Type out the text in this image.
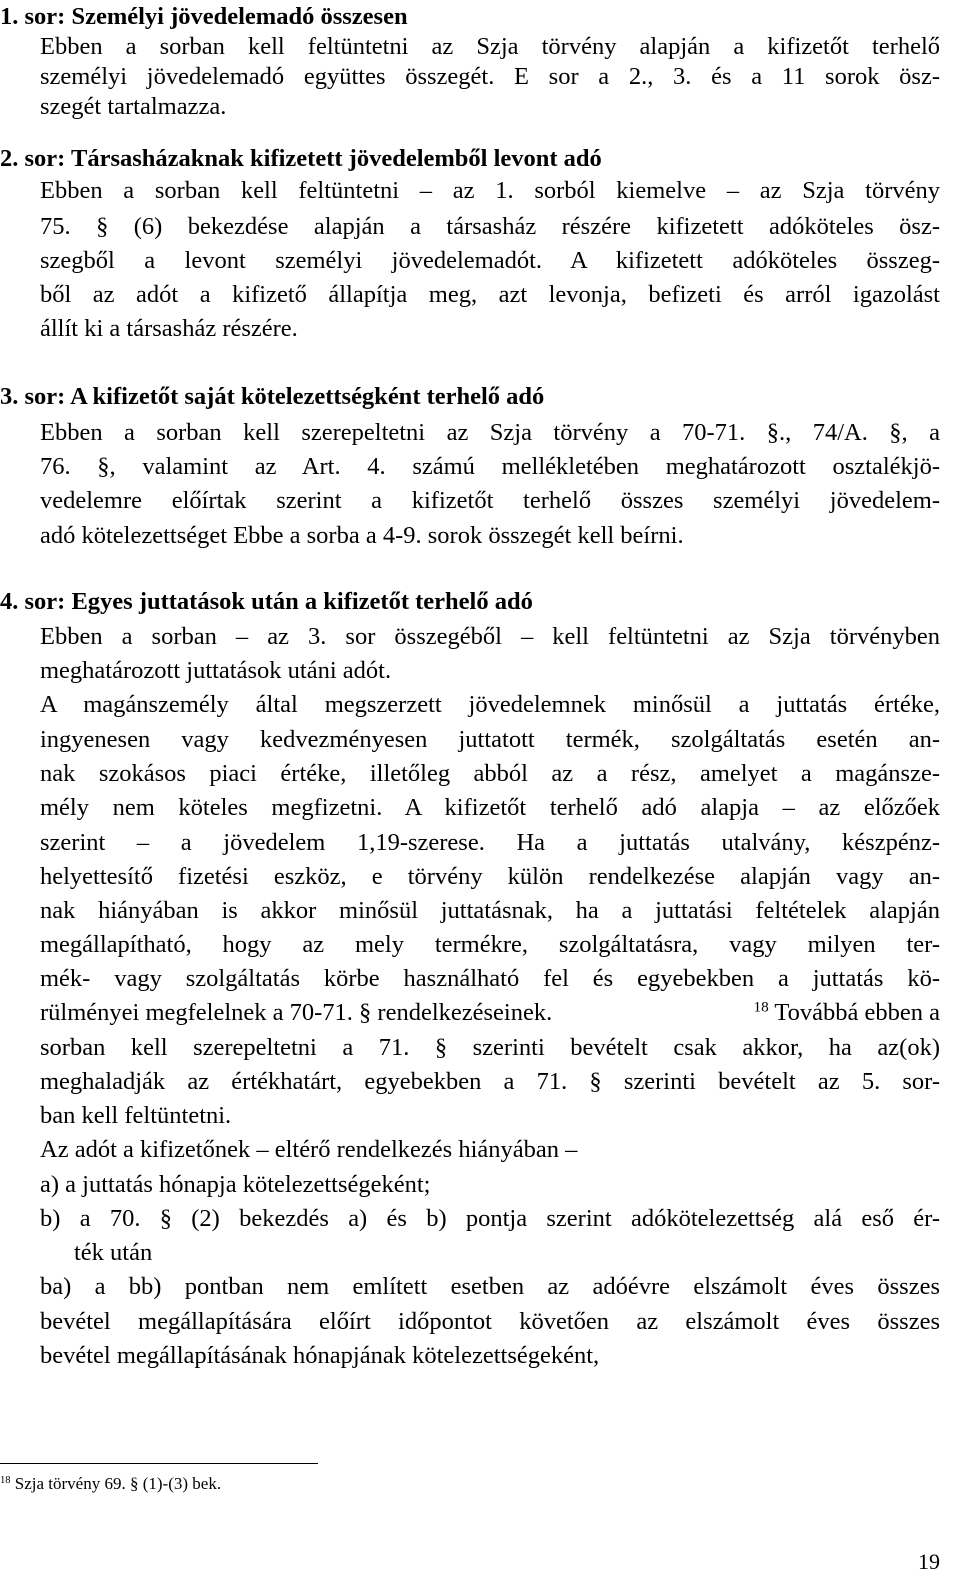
1. sor: Személyi jövedelemadó összesen
Ebben a sorban kell feltüntetni az Szja törvény alapján a kifizetőt terhelő
személyi jövedelemadó együttes összegét. E sor a 2., 3. és a 11 sorok ösz-
szegét tartalmazza.
2. sor: Társasházaknak kifizetett jövedelemből levont adó
Ebben a sorban kell feltüntetni – az 1. sorból kiemelve – az Szja törvény
75. § (6) bekezdése alapján a társasház részére kifizetett adóköteles ösz-
szegből a levont személyi jövedelemadót. A kifizetett adóköteles összeg-
ből az adót a kifizető állapítja meg, azt levonja, befizeti és arról igazolást
állít ki a társasház részére.
3. sor: A kifizetőt saját kötelezettségként terhelő adó
Ebben a sorban kell szerepeltetni az Szja törvény a 70-71. §., 74/A. §, a
76. §, valamint az Art. 4. számú mellékletében meghatározott osztalékjö-
vedelemre előírtak szerint a kifizetőt terhelő összes személyi jövedelem-
adó kötelezettséget Ebbe a sorba a 4-9. sorok összegét kell beírni.
4. sor: Egyes juttatások után a kifizetőt terhelő adó
Ebben a sorban – az 3. sor összegéből – kell feltüntetni az Szja törvényben
meghatározott juttatások utáni adót.
A magánszemély által megszerzett jövedelemnek minősül a juttatás értéke,
ingyenesen vagy kedvezményesen juttatott termék, szolgáltatás esetén an-
nak szokásos piaci értéke, illetőleg abból az a rész, amelyet a magánsze-
mély nem köteles megfizetni. A kifizetőt terhelő adó alapja – az előzőek
szerint – a jövedelem 1,19-szerese. Ha a juttatás utalvány, készpénz-
helyettesítő fizetési eszköz, e törvény külön rendelkezése alapján vagy an-
nak hiányában is akkor minősül juttatásnak, ha a juttatási feltételek alapján
megállapítható, hogy az mely termékre, szolgáltatásra, vagy milyen ter-
mék- vagy szolgáltatás körbe használható fel és egyebekben a juttatás kö-
rülményei megfelelnek a 70-71. § rendelkezéseinek.	$^{18}$ Továbbá ebben a
sorban kell szerepeltetni a 71. § szerinti bevételt csak akkor, ha az(ok)
meghaladják az értékhatárt, egyebekben a 71. § szerinti bevételt az 5. sor-
ban kell feltüntetni.
Az adót a kifizetőnek – eltérő rendelkezés hiányában –
a) a juttatás hónapja kötelezettségeként;
b) a 70. § (2) bekezdés a) és b) pontja szerint adókötelezettség alá eső ér-
ték után
ba) a bb) pontban nem említett esetben az adóévre elszámolt éves összes
bevétel megállapítására előírt időpontot követően az elszámolt éves összes
bevétel megállapításának hónapjának kötelezettségeként,
$^{18}$ Szja törvény 69. § (1)-(3) bek.
19
